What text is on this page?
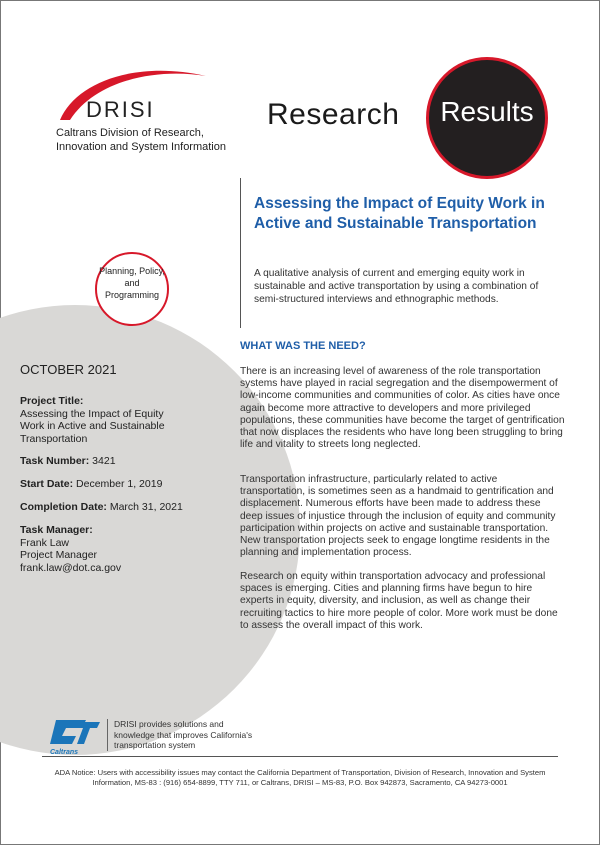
DRISI
Caltrans Division of Research,
Innovation and System Information
Research	Results
Planning, Policy,
and
Programming
Assessing the Impact of Equity Work in Active and Sustainable Transportation
A qualitative analysis of current and emerging equity work in sustainable and active transportation by using a combination of semi-structured interviews and ethnographic methods.
WHAT WAS THE NEED?
There is an increasing level of awareness of the role transportation systems have played in racial segregation and the disempowerment of low-income communities and communities of color. As cities have once again become more attractive to developers and more privileged populations, these communities have become the target of gentrification that now displaces the residents who have long been struggling to bring life and vitality to streets long neglected.
Transportation infrastructure, particularly related to active transportation, is sometimes seen as a handmaid to gentrification and displacement. Numerous efforts have been made to address these deep issues of injustice through the inclusion of equity and community participation within projects on active and sustainable transportation. New transportation projects seek to engage longtime residents in the planning and implementation process.
Research on equity within transportation advocacy and professional spaces is emerging. Cities and planning firms have begun to hire experts in equity, diversity, and inclusion, as well as change their recruiting tactics to hire more people of color. More work must be done to assess the overall impact of this work.
OCTOBER 2021
Project Title:
Assessing the Impact of Equity Work in Active and Sustainable Transportation
Task Number: 3421
Start Date: December 1, 2019
Completion Date: March 31, 2021
Task Manager:
Frank Law
Project Manager
frank.law@dot.ca.gov
Caltrans
DRISI provides solutions and knowledge that improves California's transportation system
ADA Notice: Users with accessibility issues may contact the California Department of Transportation, Division of Research, Innovation and System Information, MS-83 : (916) 654-8899, TTY 711, or Caltrans, DRISI – MS-83, P.O. Box 942873, Sacramento, CA 94273-0001
